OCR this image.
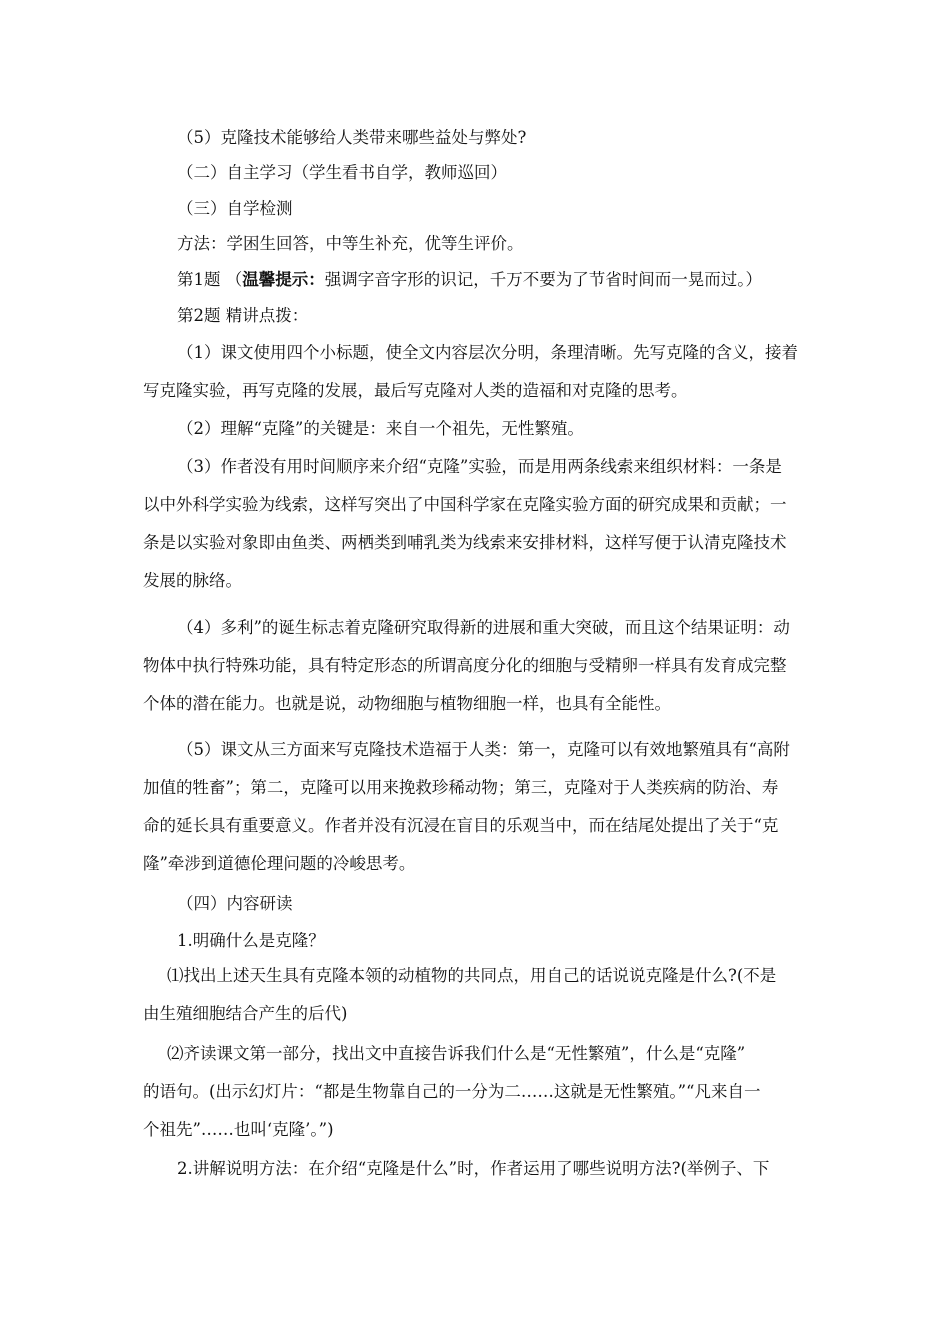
（5）克隆技术能够给人类带来哪些益处与弊处?
（二）自主学习（学生看书自学，教师巡回）
（三）自学检测
方法：学困生回答，中等生补充，优等生评价。
第1题 （温馨提示：强调字音字形的识记，千万不要为了节省时间而一晃而过。）
第2题 精讲点拨：
（1）课文使用四个小标题，使全文内容层次分明，条理清晰。先写克隆的含义，接着
写克隆实验，再写克隆的发展，最后写克隆对人类的造福和对克隆的思考。
（2）理解“克隆”的关键是：来自一个祖先，无性繁殖。
（3）作者没有用时间顺序来介绍“克隆”实验，而是用两条线索来组织材料：一条是
以中外科学实验为线索，这样写突出了中国科学家在克隆实验方面的研究成果和贡献；一
条是以实验对象即由鱼类、两栖类到哺乳类为线索来安排材料，这样写便于认清克隆技术
发展的脉络。
（4）多利”的诞生标志着克隆研究取得新的进展和重大突破，而且这个结果证明：动
物体中执行特殊功能，具有特定形态的所谓高度分化的细胞与受精卵一样具有发育成完整
个体的潜在能力。也就是说，动物细胞与植物细胞一样，也具有全能性。
（5）课文从三方面来写克隆技术造福于人类：第一，克隆可以有效地繁殖具有“高附
加值的牲畜”；第二，克隆可以用来挽救珍稀动物；第三，克隆对于人类疾病的防治、寿
命的延长具有重要意义。作者并没有沉浸在盲目的乐观当中，而在结尾处提出了关于“克
隆”牵涉到道德伦理问题的冷峻思考。
（四）内容研读
1.明确什么是克隆？
⑴找出上述天生具有克隆本领的动植物的共同点，用自己的话说说克隆是什么?(不是
由生殖细胞结合产生的后代)
⑵齐读课文第一部分，找出文中直接告诉我们什么是“无性繁殖”，什么是“克隆”
的语句。(出示幻灯片：“都是生物靠自己的一分为二……这就是无性繁殖。”“凡来自一
个祖先”……也叫‘克隆’。”)
2.讲解说明方法：在介绍“克隆是什么”时，作者运用了哪些说明方法?(举例子、下
